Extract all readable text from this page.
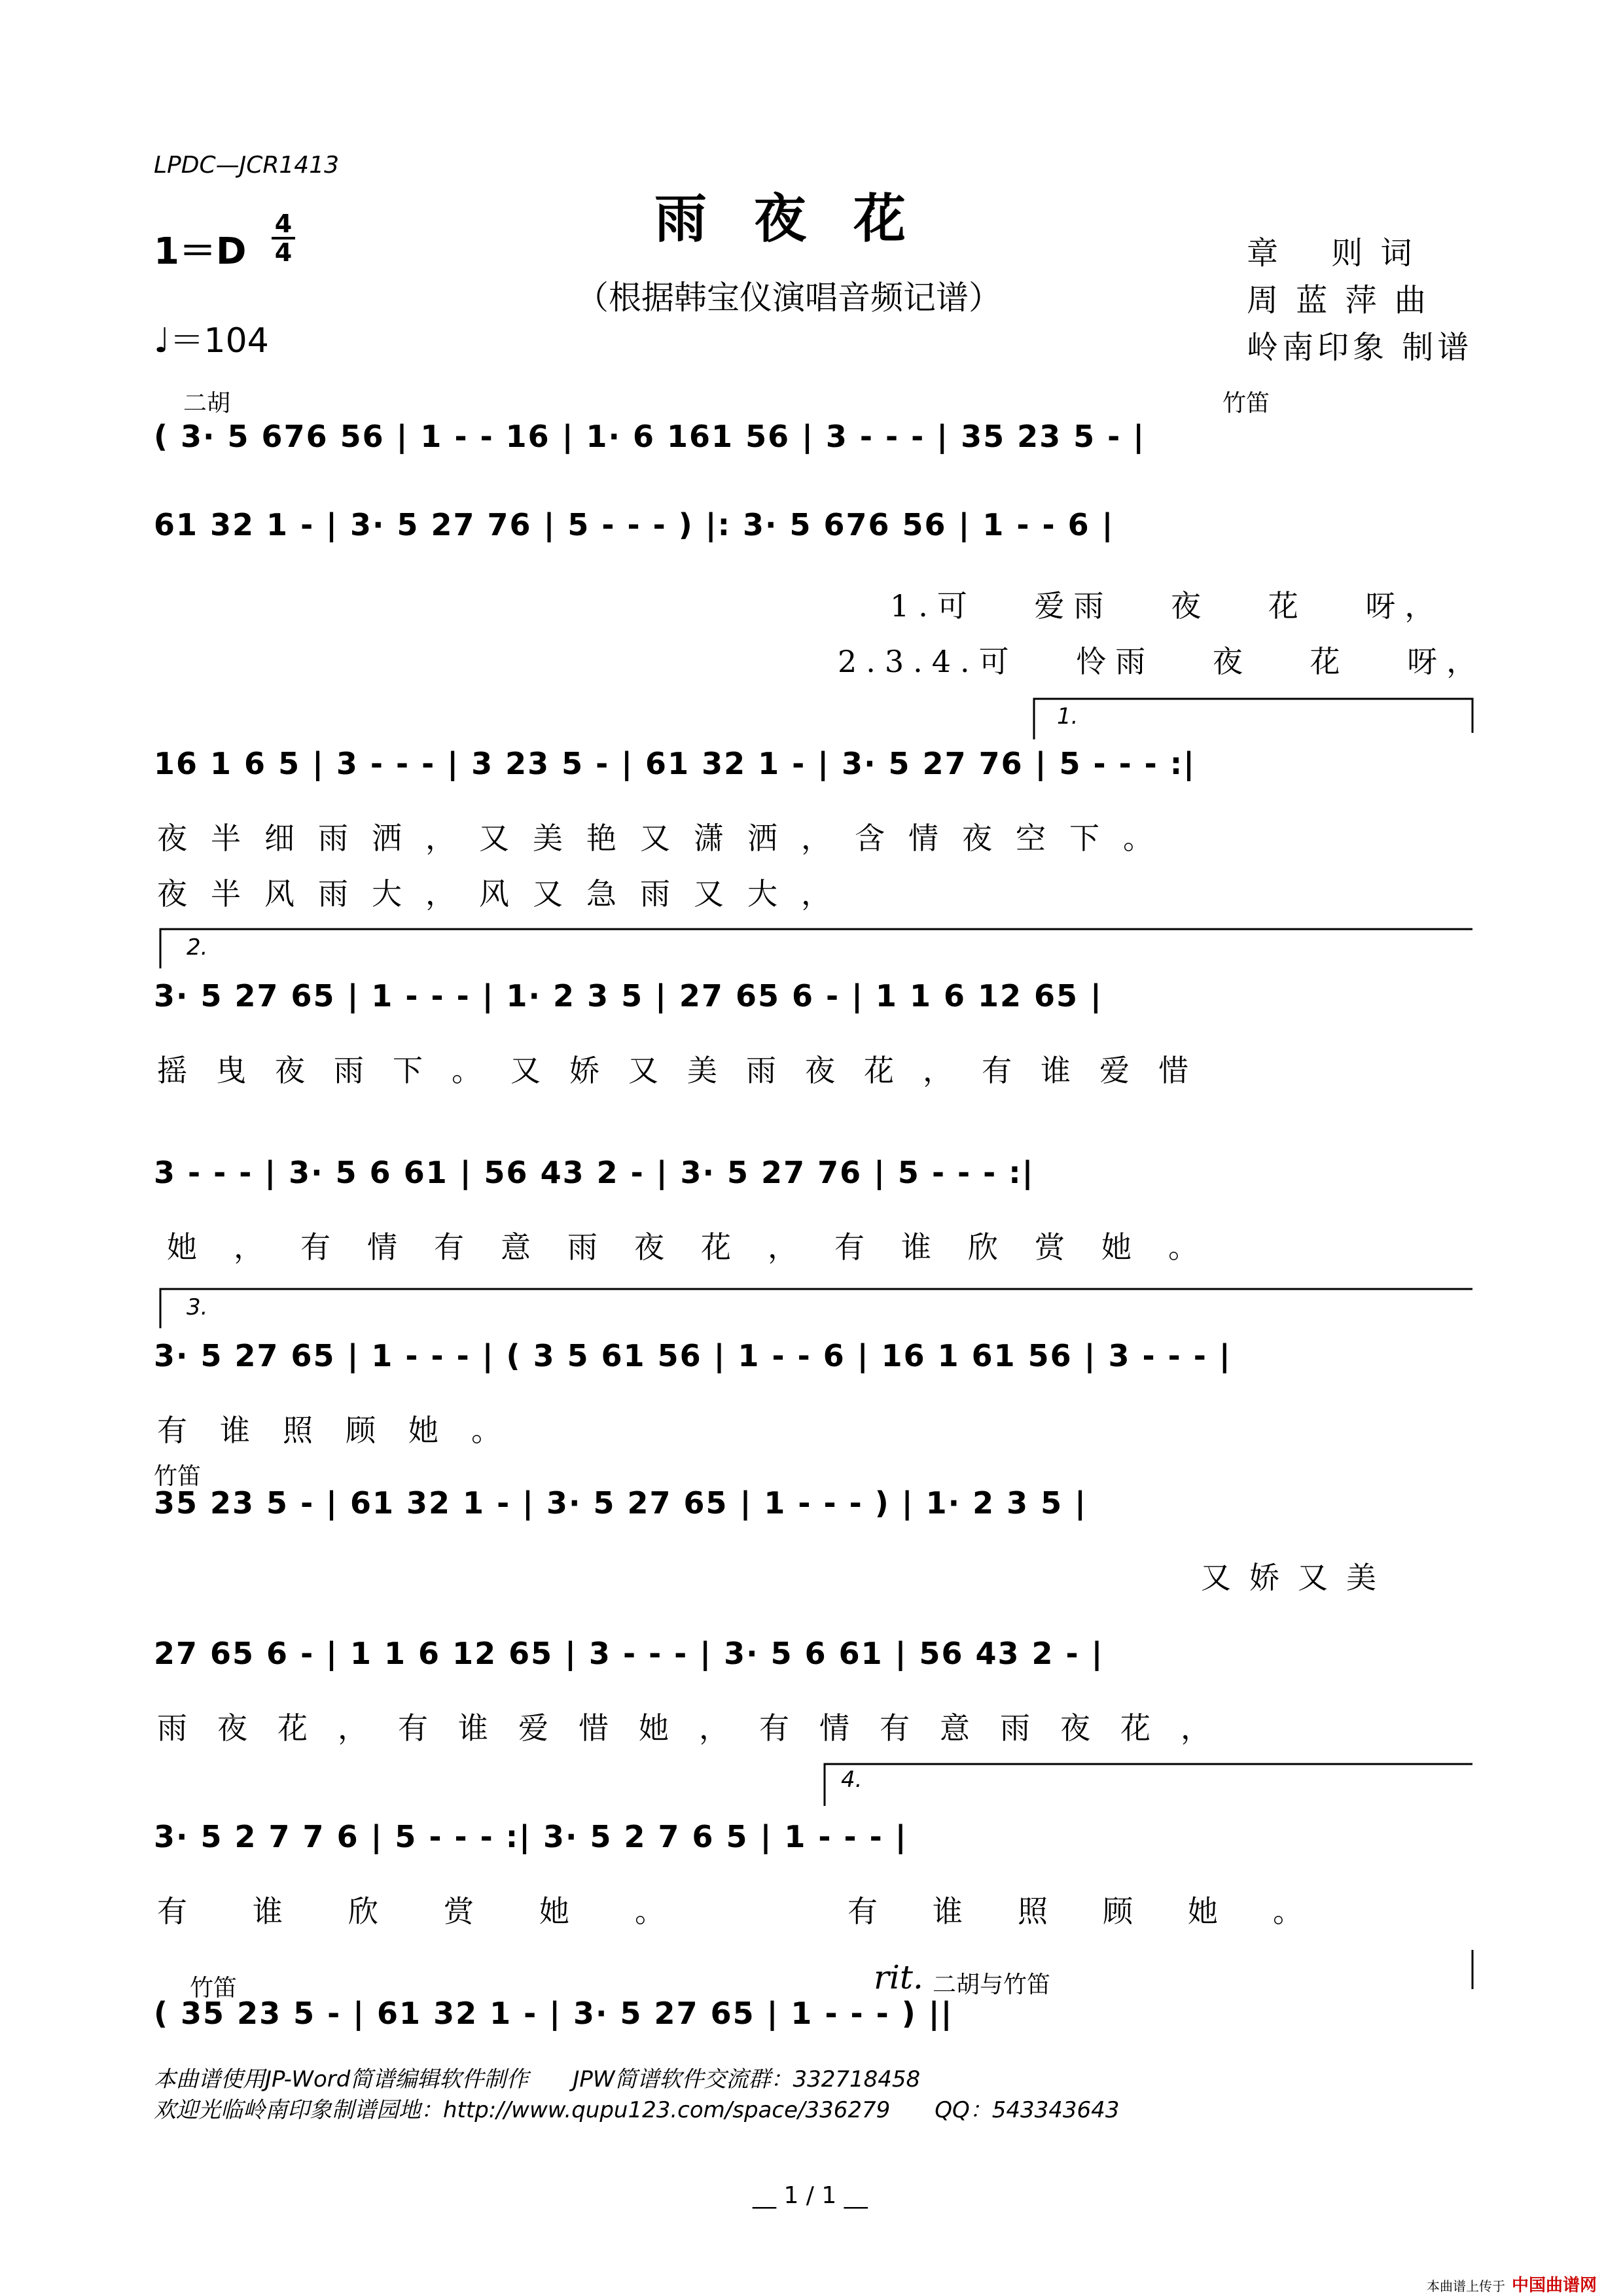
LPDC—JCR1413
雨夜花
（根据韩宝仪演唱音频记谱）
章　 则 词
周 蓝 萍 曲
岭南印象 制谱
1＝D
4
4
♩＝104
二胡	竹笛
竹笛
竹笛	rit. 二胡与竹笛
1.
2.
3.
4.
( 3· 5 676 56 | 1 - - 16 | 1· 6 161 56 | 3 - - - | 35 23 5 - |
61 32 1 - | 3· 5 27 76 | 5 - - - ) |: 3· 5 676 56 | 1 - - 6 |
16 1 6 5 | 3 - - - | 3 23 5 - | 61 32 1 - | 3· 5 27 76 | 5 - - - :|
3· 5 27 65 | 1 - - - | 1· 2 3 5 | 27 65 6 - | 1 1 6 12 65 |
3 - - - | 3· 5 6 61 | 56 43 2 - | 3· 5 27 76 | 5 - - - :|
3· 5 27 65 | 1 - - - | ( 3 5 61 56 | 1 - - 6 | 16 1 61 56 | 3 - - - |
35 23 5 - | 61 32 1 - | 3· 5 27 65 | 1 - - - ) | 1· 2 3 5 |
27 65 6 - | 1 1 6 12 65 | 3 - - - | 3· 5 6 61 | 56 43 2 - |
3· 5 2 7 7 6 | 5 - - - :| 3· 5 2 7 6 5 | 1 - - - |
( 35 23 5 - | 61 32 1 - | 3· 5 27 65 | 1 - - - ) ||
1.可　 爱雨　 夜　 花　 呀，
2.3.4.可　 怜雨　 夜　 花　 呀，
夜半细雨洒，又美艳又潇洒，含情夜空下。
夜半风雨大，风又急雨又大，
摇曳夜雨下。又娇又美雨夜花，有谁爱惜
她，有情有意雨夜花，有谁欣赏她。
有谁照顾她。
又娇又美
雨夜花，有谁爱惜她，有情有意雨夜花，
有谁欣赏她。	有谁照顾她。
本曲谱使用JP-Word简谱编辑软件制作　　JPW简谱软件交流群：332718458
欢迎光临岭南印象制谱园地：http://www.qupu123.com/space/336279　　QQ：543343643
__ 1 / 1 __
本曲谱上传于 中国曲谱网
